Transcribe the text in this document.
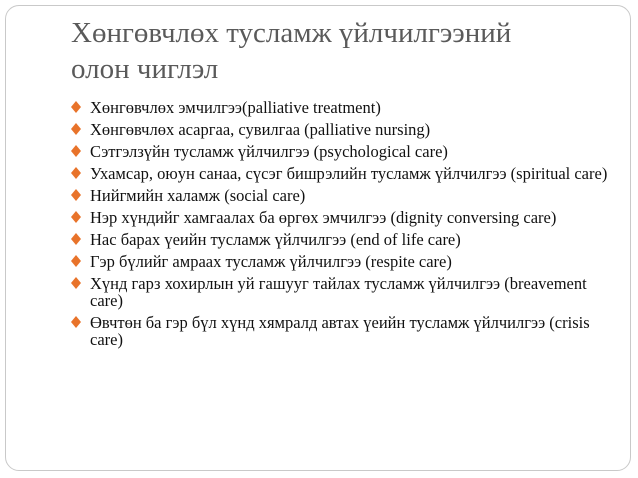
Хөнгөвчлөх тусламж үйлчилгээний
олон чиглэл
Хөнгөвчлөх эмчилгээ(palliative treatment)
Хөнгөвчлөх асаргаа, сувилгаа (palliative nursing)
Сэтгэлзүйн тусламж үйлчилгээ (psychological care)
Ухамсар, оюун санаа, сүсэг бишрэлийн тусламж үйлчилгээ (spiritual care)
Нийгмийн халамж (social care)
Нэр хүндийг хамгаалах ба өргөх эмчилгээ (dignity conversing care)
Нас барах үеийн тусламж үйлчилгээ (end of life care)
Гэр бүлийг амраах тусламж үйлчилгээ (respite care)
Хүнд гарз хохирлын уй гашууг тайлах тусламж үйлчилгээ (breavement care)
Өвчтөн ба гэр бүл хүнд хямралд автах үеийн тусламж үйлчилгээ (crisis care)
